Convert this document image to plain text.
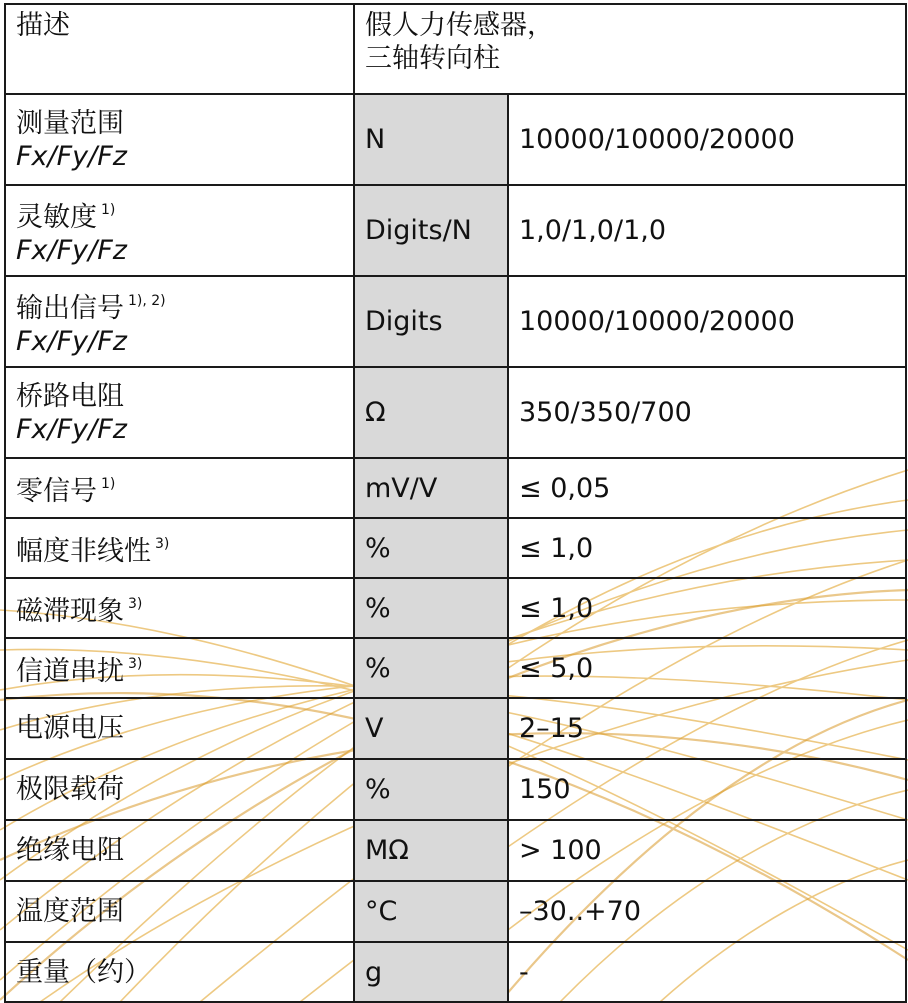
描述	假人力传感器，
三轴转向柱	

测量范围
Fx/Fy/Fz	N	10000/10000/20000

灵敏度 $^{1)}$
Fx/Fy/Fz	Digits/N	1,0/1,0/1,0

输出信号 $^{1), 2)}$
Fx/Fy/Fz	Digits	10000/10000/20000

桥路电阻
Fx/Fy/Fz	Ω	350/350/700
零信号 $^{1)}$	mV/V	≤ 0,05
幅度非线性 $^{3)}$	%	≤ 1,0
磁滞现象 $^{3)}$	%	≤ 1,0
信道串扰 $^{3)}$	%	≤ 5,0
电源电压	V	2–15
极限载荷	%	150
绝缘电阻	MΩ	> 100
温度范围	°C	–30..+70
重量（约）	g	-
